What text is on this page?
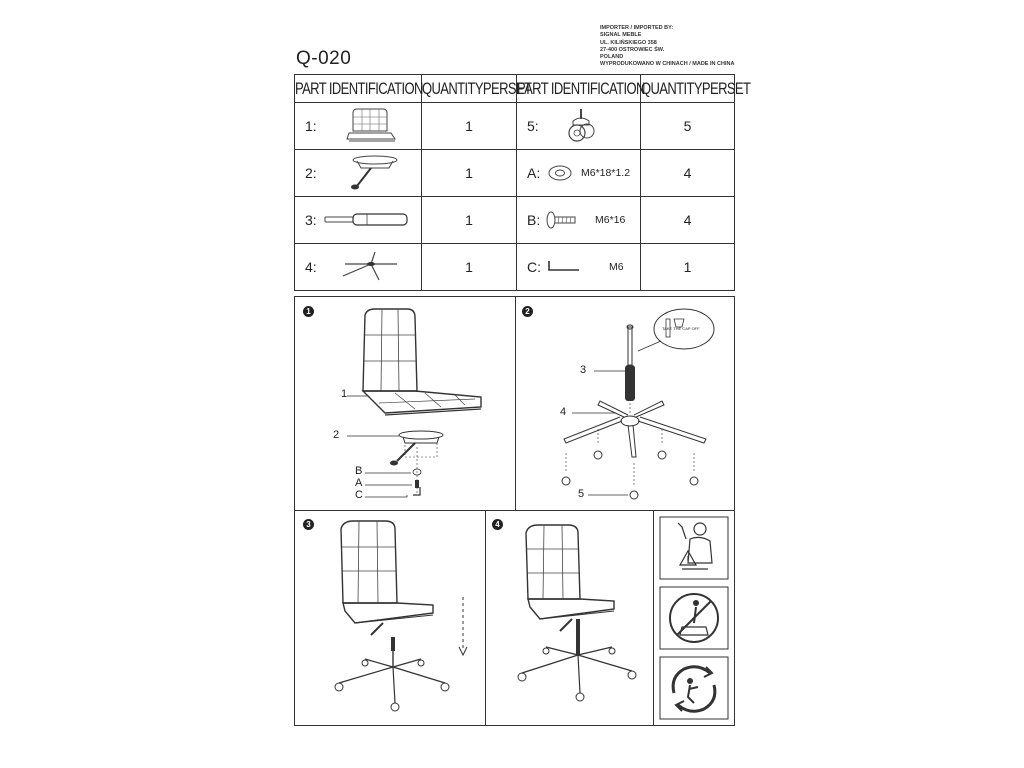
Q-020
IMPORTER / IMPORTED BY:
SIGNAL MEBLE
UL. KILIŃSKIEGO 358
27-400 OSTROWIEC ŚW.
POLAND
WYPRODUKOWANO W CHINACH / MADE IN CHINA
PART IDENTIFICATION	QUANTITYPERSET	PART IDENTIFICATION	QUANTITYPERSET

1:	1	5:	5

2:	1	A: M6*18*1.2	4

3:	1	B: M6*16	4

4:	1	C: M6	1
1
1
2
B
A
C
2
3
4
5
TAKE THE CAP OFF
3	4
